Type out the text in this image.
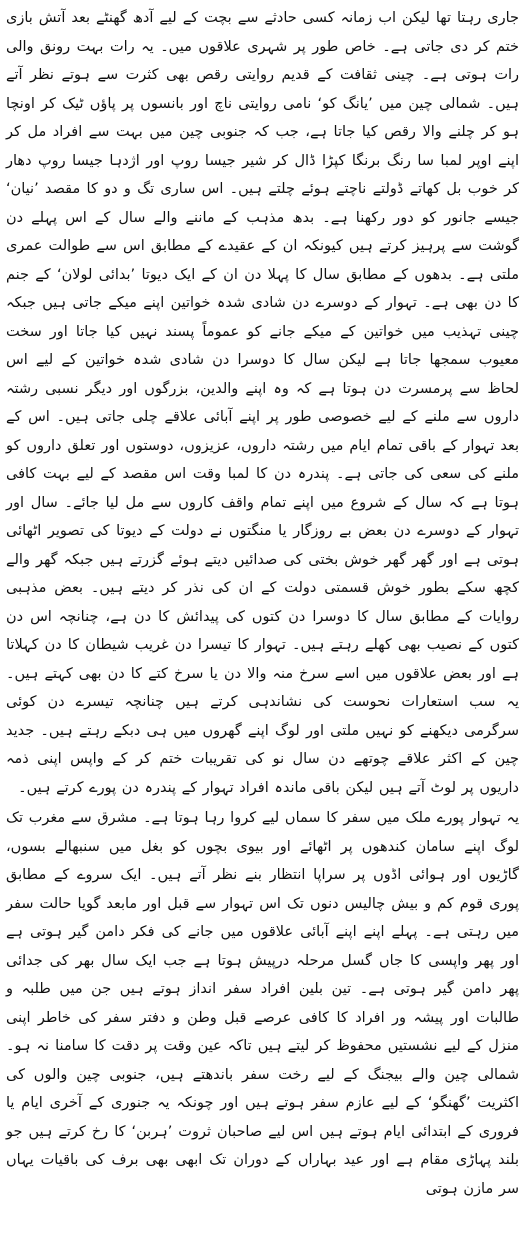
جاری رہتا تھا لیکن اب زمانہ کسی حادثے سے بچت کے لیے آدھ گھنٹے بعد آتش بازی ختم کر دی جاتی ہے۔ خاص طور پر شہری علاقوں میں۔ یہ رات بہت رونق والی رات ہوتی ہے۔ چینی ثقافت کے قدیم روایتی رقص بھی کثرت سے ہوتے نظر آتے ہیں۔ شمالی چین میں ’یانگ کو‘ نامی روایتی ناچ اور بانسوں پر پاؤں ٹیک کر اونچا ہو کر چلنے والا رقص کیا جاتا ہے، جب کہ جنوبی چین میں بہت سے افراد مل کر اپنے اوپر لمبا سا رنگ برنگا کپڑا ڈال کر شیر جیسا روپ اور اژدہا جیسا روپ دھار کر خوب بل کھاتے ڈولتے ناچتے ہوئے چلتے ہیں۔ اس ساری تگ و دو کا مقصد ’نیان‘ جیسے جانور کو دور رکھنا ہے۔ بدھ مذہب کے ماننے والے سال کے اس پہلے دن گوشت سے پرہیز کرتے ہیں کیونکہ ان کے عقیدے کے مطابق اس سے طوالت عمری ملتی ہے۔ بدھوں کے مطابق سال کا پہلا دن ان کے ایک دیوتا ’بدائی لولان‘ کے جنم کا دن بھی ہے۔ تہوار کے دوسرے دن شادی شدہ خواتین اپنے میکے جاتی ہیں جبکہ چینی تہذیب میں خواتین کے میکے جانے کو عموماً پسند نہیں کیا جاتا اور سخت معیوب سمجھا جاتا ہے لیکن سال کا دوسرا دن شادی شدہ خواتین کے لیے اس لحاظ سے پرمسرت دن ہوتا ہے کہ وہ اپنے والدین، بزرگوں اور دیگر نسبی رشتہ داروں سے ملنے کے لیے خصوصی طور پر اپنے آبائی علاقے چلی جاتی ہیں۔ اس کے بعد تہوار کے باقی تمام ایام میں رشتہ داروں، عزیزوں، دوستوں اور تعلق داروں کو ملنے کی سعی کی جاتی ہے۔ پندرہ دن کا لمبا وقت اس مقصد کے لیے بہت کافی ہوتا ہے کہ سال کے شروع میں اپنے تمام واقف کاروں سے مل لیا جائے۔ سال اور تہوار کے دوسرے دن بعض بے روزگار یا منگتوں نے دولت کے دیوتا کی تصویر اٹھائی ہوتی ہے اور گھر گھر خوش بختی کی صدائیں دیتے ہوئے گزرتے ہیں جبکہ گھر والے کچھ سکے بطور خوش قسمتی دولت کے ان کی نذر کر دیتے ہیں۔ بعض مذہبی روایات کے مطابق سال کا دوسرا دن کتوں کی پیدائش کا دن ہے، چنانچہ اس دن کتوں کے نصیب بھی کھلے رہتے ہیں۔ تہوار کا تیسرا دن غریب شیطان کا دن کہلاتا ہے اور بعض علاقوں میں اسے سرخ منہ والا دن یا سرخ کتے کا دن بھی کہتے ہیں۔ یہ سب استعارات نحوست کی نشاندہی کرتے ہیں چنانچہ تیسرے دن کوئی سرگرمی دیکھنے کو نہیں ملتی اور لوگ اپنے گھروں میں ہی دبکے رہتے ہیں۔ جدید چین کے اکثر علاقے چوتھے دن سال نو کی تقریبات ختم کر کے واپس اپنی ذمہ داریوں پر لوٹ آتے ہیں لیکن باقی ماندہ افراد تہوار کے پندرہ دن پورے کرتے ہیں۔

یہ تہوار پورے ملک میں سفر کا سماں لیے کروا رہا ہوتا ہے۔ مشرق سے مغرب تک لوگ اپنے سامان کندھوں پر اٹھائے اور بیوی بچوں کو بغل میں سنبھالے بسوں، گاڑیوں اور ہوائی اڈوں پر سراپا انتظار بنے نظر آتے ہیں۔ ایک سروے کے مطابق پوری قوم کم و بیش چالیس دنوں تک اس تہوار سے قبل اور مابعد گویا حالت سفر میں رہتی ہے۔ پہلے اپنے اپنے آبائی علاقوں میں جانے کی فکر دامن گیر ہوتی ہے اور پھر واپسی کا جاں گسل مرحلہ درپیش ہوتا ہے جب ایک سال بھر کی جدائی پھر دامن گیر ہوتی ہے۔ تین بلین افراد سفر انداز ہوتے ہیں جن میں طلبہ و طالبات اور پیشہ ور افراد کا کافی عرصے قبل وطن و دفتر سفر کی خاطر اپنی منزل کے لیے نشستیں محفوظ کر لیتے ہیں تاکہ عین وقت پر دقت کا سامنا نہ ہو۔ شمالی چین والے بیجنگ کے لیے رخت سفر باندھتے ہیں، جنوبی چین والوں کی اکثریت ’گھنگو‘ کے لیے عازم سفر ہوتے ہیں اور چونکہ یہ جنوری کے آخری ایام یا فروری کے ابتدائی ایام ہوتے ہیں اس لیے صاحبان ثروت ’ہربن‘ کا رخ کرتے ہیں جو بلند پہاڑی مقام ہے اور عید بہاراں کے دوران تک ابھی بھی برف کی باقیات یہاں سر مازن ہوتی
